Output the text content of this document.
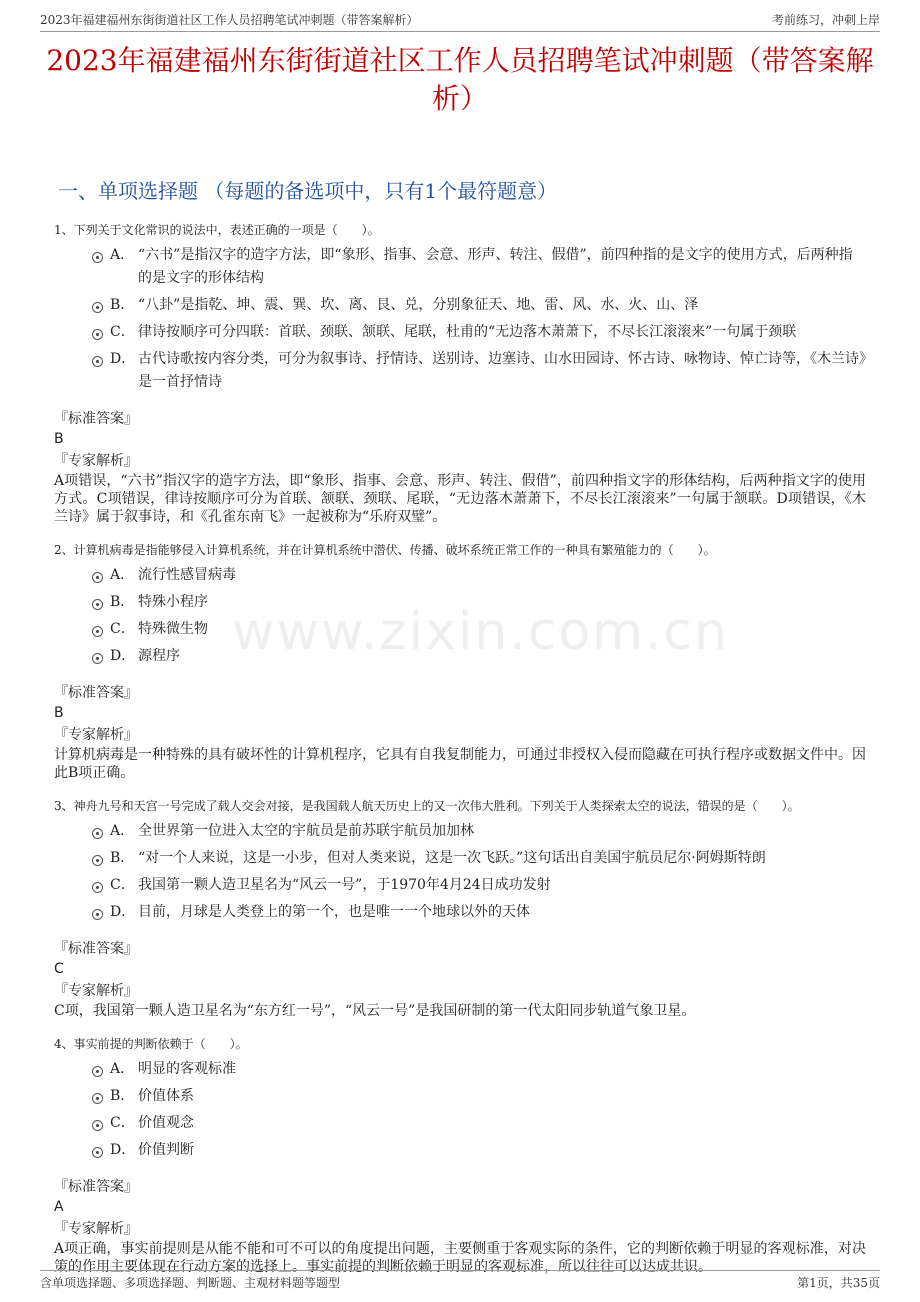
2023年福建福州东街街道社区工作人员招聘笔试冲刺题（带答案解析）	考前练习，冲刺上岸
2023年福建福州东街街道社区工作人员招聘笔试冲刺题（带答案解析）
一、单项选择题 （每题的备选项中，只有1个最符题意）
www.zixin.com.cn
1、下列关于文化常识的说法中，表述正确的一项是（　　）。
A． “六书”是指汉字的造字方法，即“象形、指事、会意、形声、转注、假借”，前四种指的是文字的使用方式，后两种指的是文字的形体结构
B． “八卦”是指乾、坤、震、巽、坎、离、艮、兑，分别象征天、地、雷、风、水、火、山、泽
C． 律诗按顺序可分四联：首联、颈联、颔联、尾联，杜甫的“无边落木萧萧下，不尽长江滚滚来”一句属于颈联
D． 古代诗歌按内容分类，可分为叙事诗、抒情诗、送别诗、边塞诗、山水田园诗、怀古诗、咏物诗、悼亡诗等，《木兰诗》是一首抒情诗
『标准答案』
B
『专家解析』
A项错误，“六书”指汉字的造字方法，即“象形、指事、会意、形声、转注、假借”，前四种指文字的形体结构，后两种指文字的使用方式。C项错误，律诗按顺序可分为首联、颔联、颈联、尾联，“无边落木萧萧下，不尽长江滚滚来”一句属于颔联。D项错误，《木兰诗》属于叙事诗，和《孔雀东南飞》一起被称为“乐府双璧”。
2、计算机病毒是指能够侵入计算机系统，并在计算机系统中潜伏、传播、破坏系统正常工作的一种具有繁殖能力的（　　）。
A． 流行性感冒病毒
B． 特殊小程序
C． 特殊微生物
D． 源程序
『标准答案』
B
『专家解析』
计算机病毒是一种特殊的具有破坏性的计算机程序，它具有自我复制能力，可通过非授权入侵而隐藏在可执行程序或数据文件中。因此B项正确。
3、神舟九号和天宫一号完成了载人交会对接，是我国载人航天历史上的又一次伟大胜利。下列关于人类探索太空的说法，错误的是（　　）。
A． 全世界第一位进入太空的宇航员是前苏联宇航员加加林
B． “对一个人来说，这是一小步，但对人类来说，这是一次飞跃。”这句话出自美国宇航员尼尔·阿姆斯特朗
C． 我国第一颗人造卫星名为“风云一号”，于1970年4月24日成功发射
D． 目前，月球是人类登上的第一个，也是唯一一个地球以外的天体
『标准答案』
C
『专家解析』
C项，我国第一颗人造卫星名为“东方红一号”，“风云一号”是我国研制的第一代太阳同步轨道气象卫星。
4、事实前提的判断依赖于（　　）。
A． 明显的客观标准
B． 价值体系
C． 价值观念
D． 价值判断
『标准答案』
A
『专家解析』
A项正确，事实前提则是从能不能和可不可以的角度提出问题，主要侧重于客观实际的条件，它的判断依赖于明显的客观标准，对决策的作用主要体现在行动方案的选择上。事实前提的判断依赖于明显的客观标准，所以往往可以达成共识。
含单项选择题、多项选择题、判断题、主观材料题等题型	第1页，共35页
